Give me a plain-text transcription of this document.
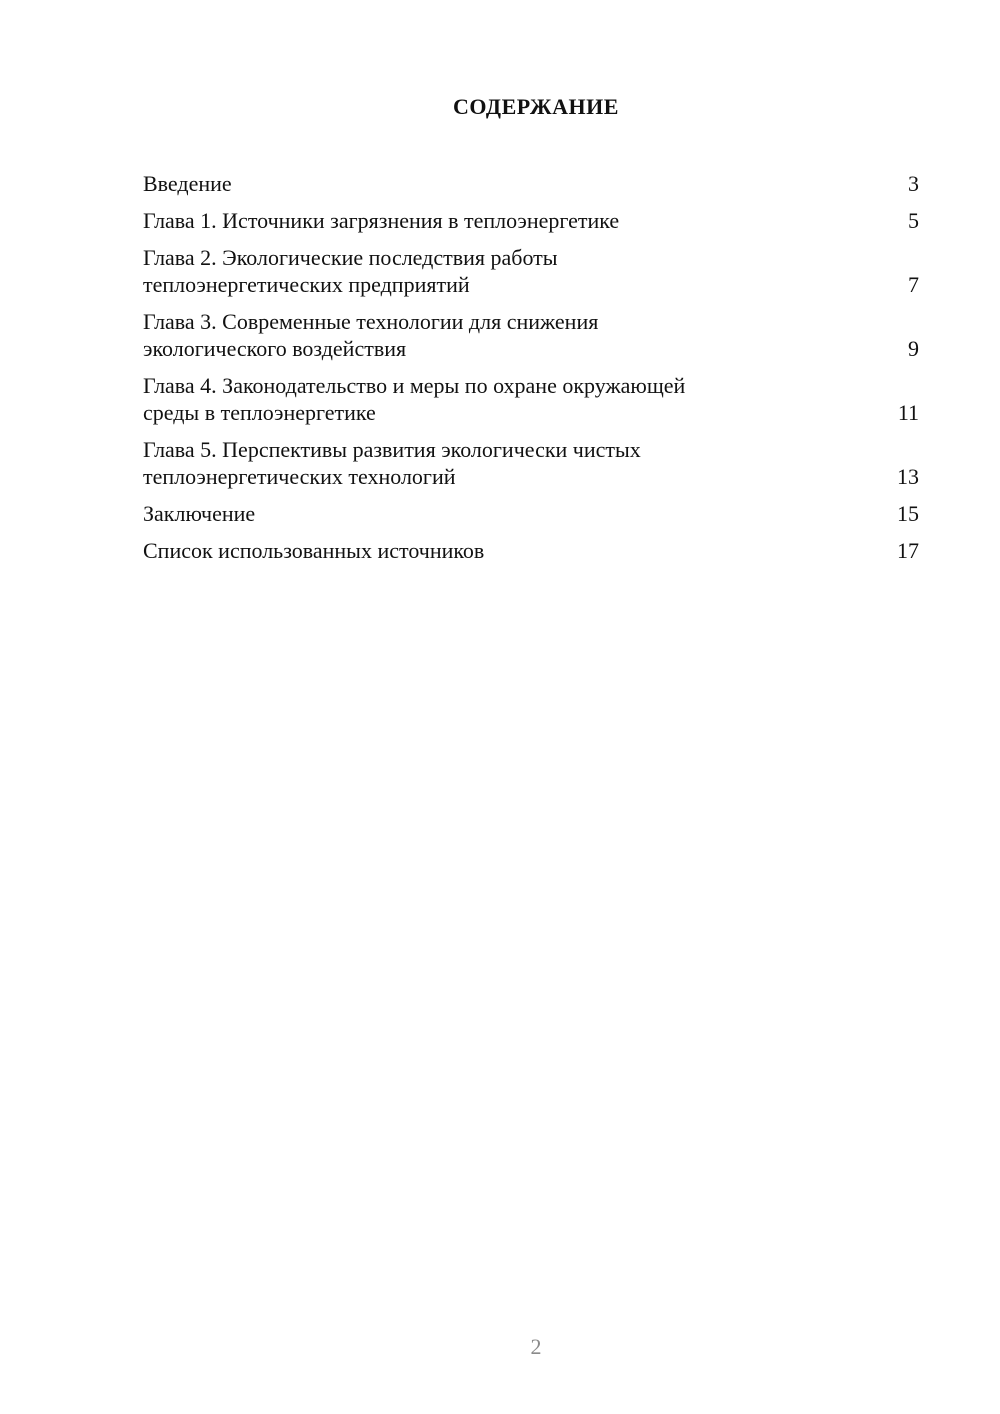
СОДЕРЖАНИЕ
Введение	3
Глава 1. Источники загрязнения в теплоэнергетике	5
Глава 2. Экологические последствия работы
теплоэнергетических предприятий	7
Глава 3. Современные технологии для снижения
экологического воздействия	9
Глава 4. Законодательство и меры по охране окружающей
среды в теплоэнергетике	11
Глава 5. Перспективы развития экологически чистых
теплоэнергетических технологий	13
Заключение	15
Список использованных источников	17
2
